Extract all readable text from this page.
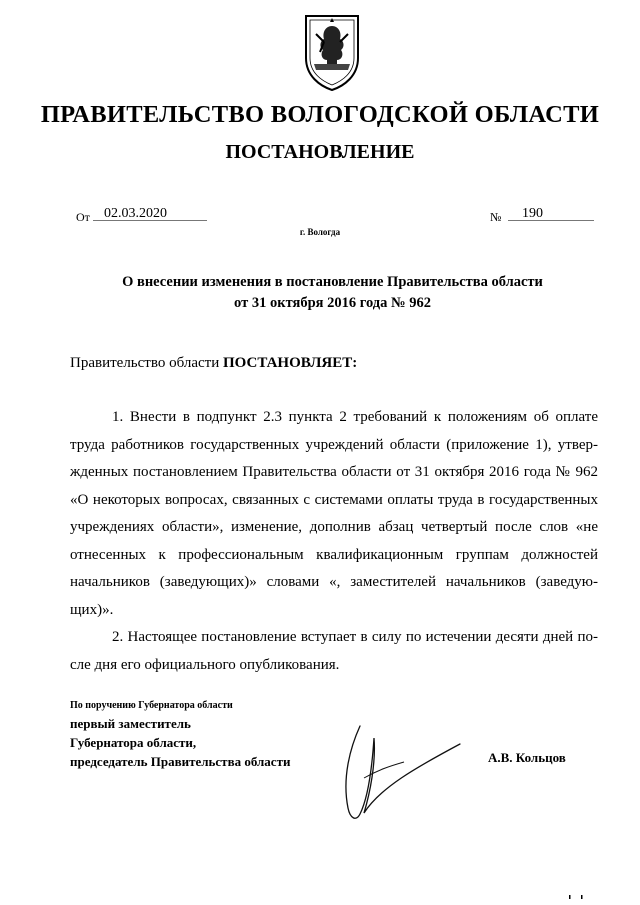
ПРАВИТЕЛЬСТВО ВОЛОГОДСКОЙ ОБЛАСТИ
ПОСТАНОВЛЕНИЕ
От 02.03.2020	№ 190
г. Вологда
О внесении изменения в постановление Правительства области
от 31 октября 2016 года № 962
Правительство области ПОСТАНОВЛЯЕТ:

1. Внести в подпункт 2.3 пункта 2 требований к положениям об оплате труда работников государственных учреждений области (приложение 1), утвержденных постановлением Правительства области от 31 октября 2016 года № 962 «О некоторых вопросах, связанных с системами оплаты труда в государственных учреждениях области», изменение, дополнив абзац четвертый после слов «не отнесенных к профессиональным квалификационным группам должностей начальников (заведующих)» словами «, заместителей начальников (заведующих)».

2. Настоящее постановление вступает в силу по истечении десяти дней после дня его официального опубликования.

По поручению Губернатора области
первый заместитель
Губернатора области,
председатель Правительства области	А.В. Кольцов
